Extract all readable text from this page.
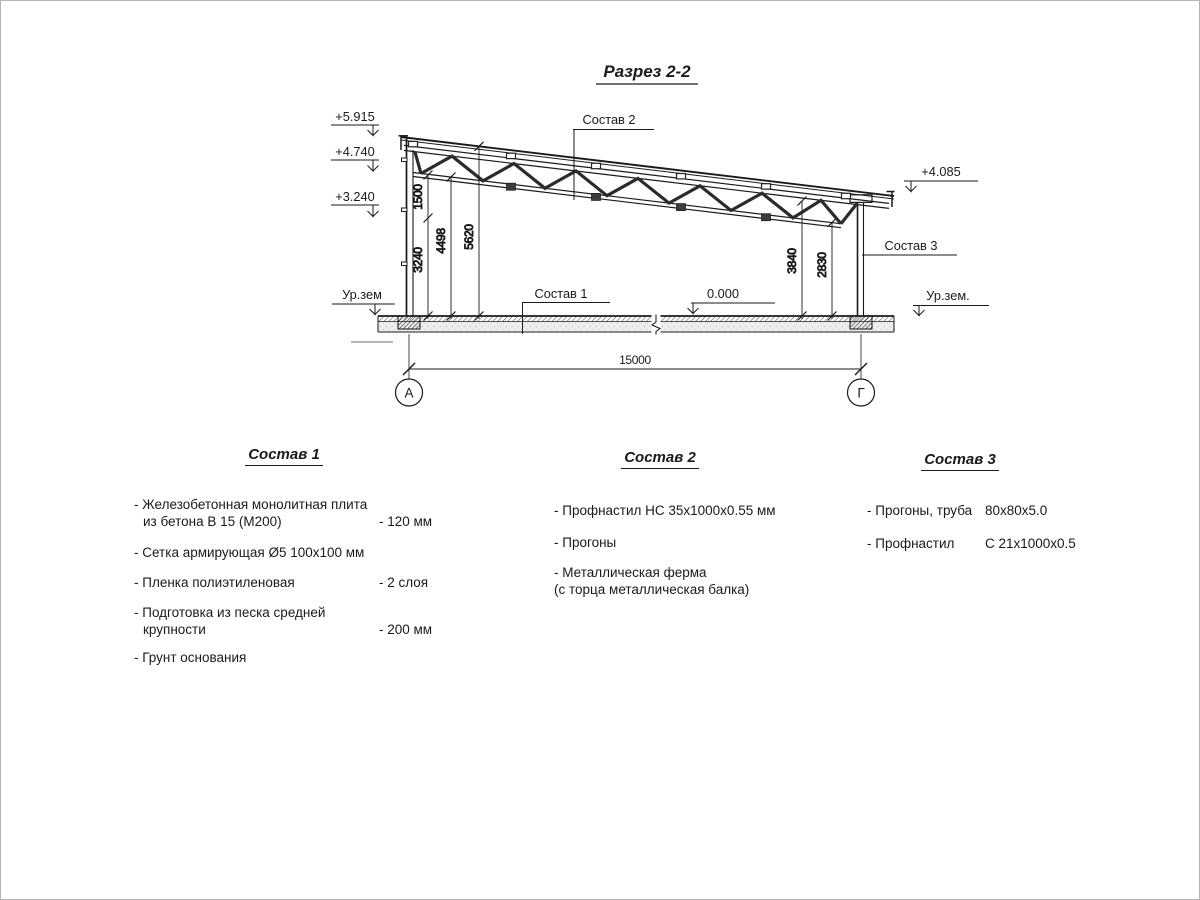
Разрез 2-2
1500
3240
4498 5620
3840 2830
15000
А	Г
+5.915
+4.740
+3.240
+4.085
0.000
Ур.зем	Ур.зем.
Состав 2
Состав 1
Состав 3
Состав 1
- Железобетонная монолитная плита
из бетона В 15 (М200)	- 120 мм
- Сетка армирующая Ø5 100x100 мм
- Пленка полиэтиленовая	- 2 слоя
- Подготовка из песка средней
крупности	- 200 мм
- Грунт основания
Состав 2
- Профнастил НС 35x1000x0.55 мм
- Прогоны
- Металлическая ферма
(с торца металлическая балка)
Состав 3
- Прогоны, труба 80x80x5.0
- Профнастил	С 21x1000x0.5
